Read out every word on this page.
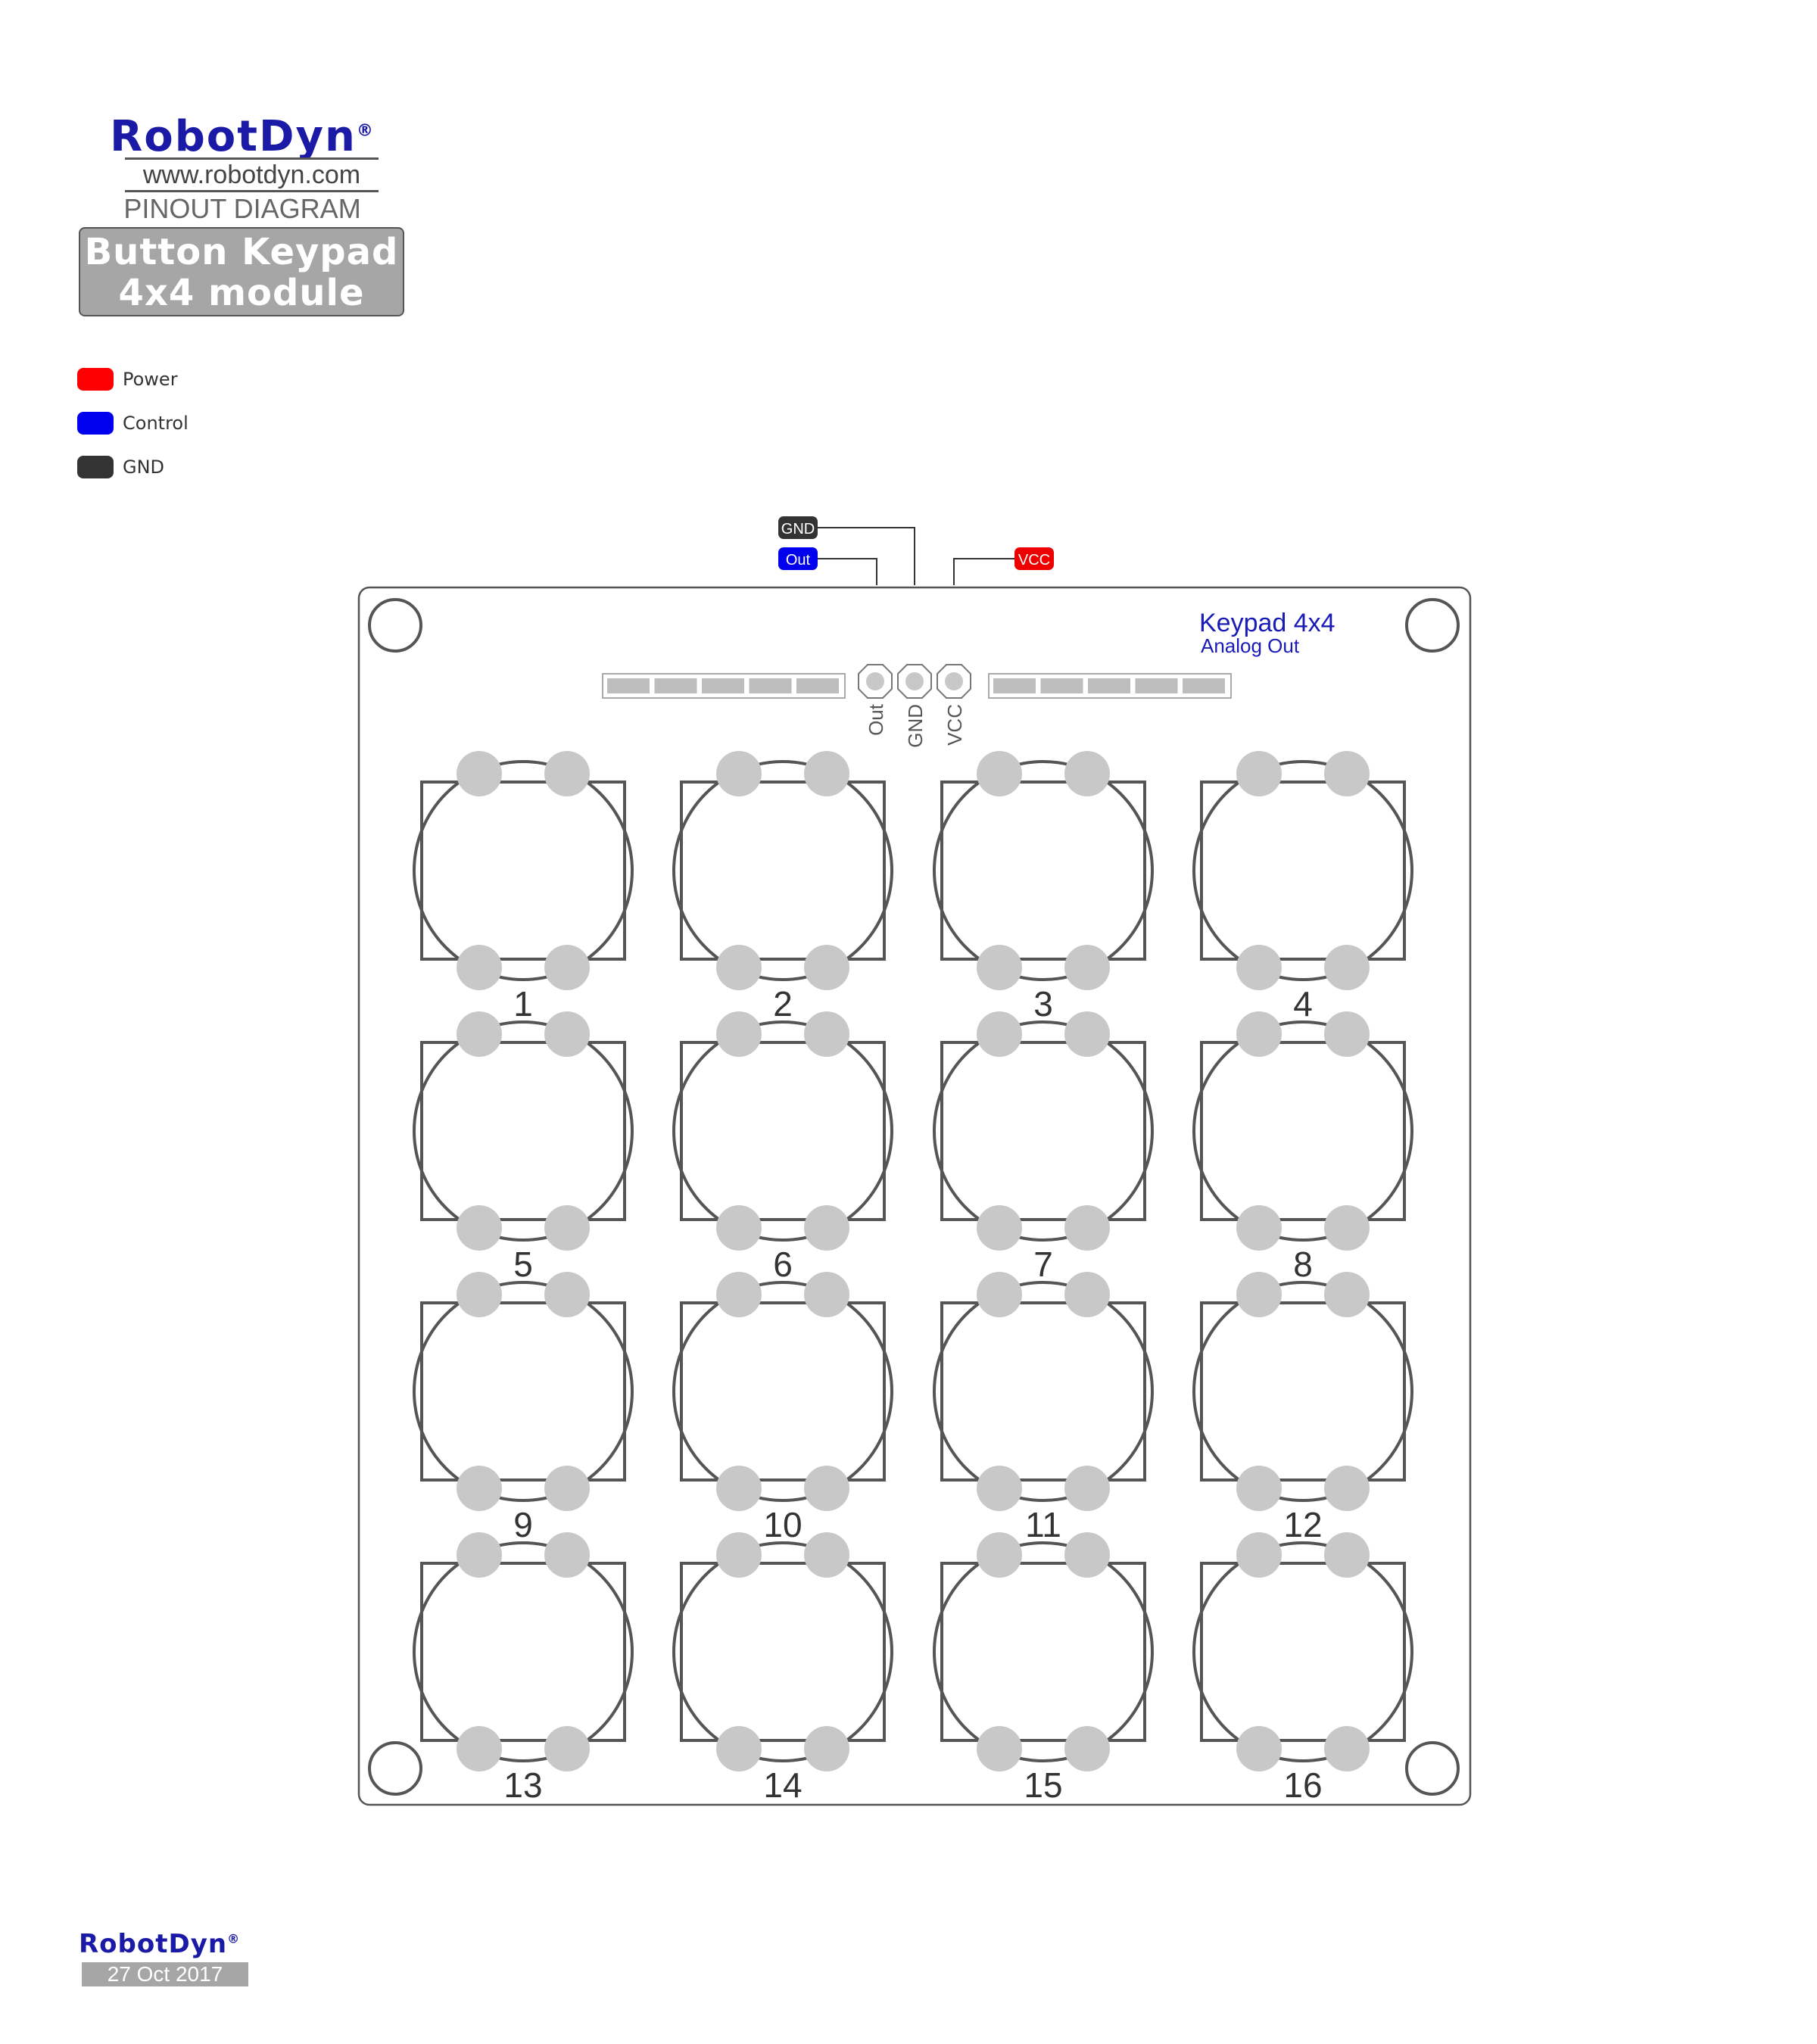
RobotDyn®
www.robotdyn.com
PINOUT DIAGRAM
Button Keypad
4x4 module
Power
Control
GND
GND
Out	VCC
Keypad 4x4
Analog Out
Out GND VCC
1	2	3	4
5	6	7	8
9	10	11	12
13	14	15	16
RobotDyn®
27 Oct 2017
